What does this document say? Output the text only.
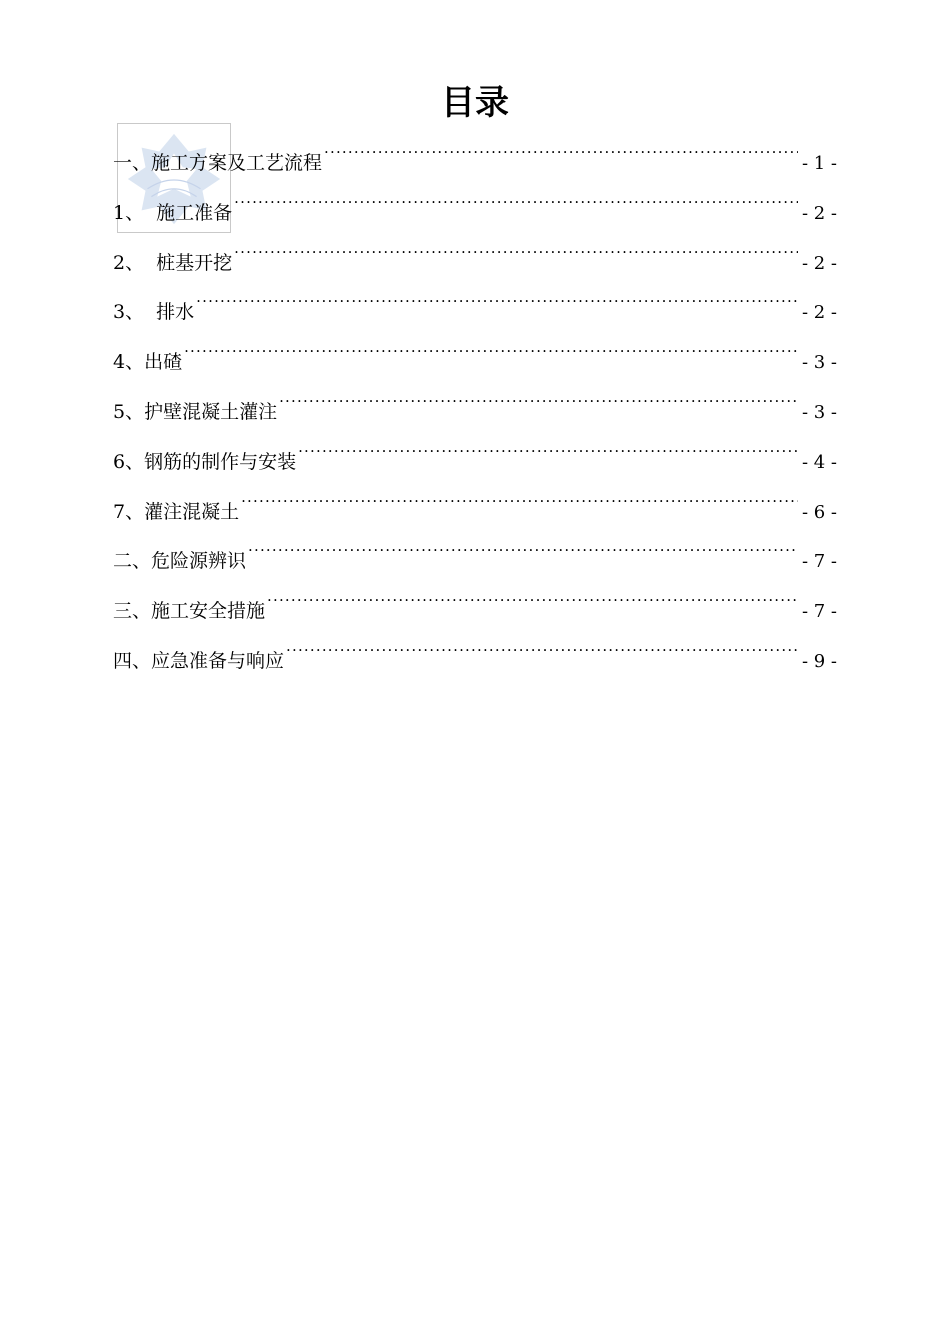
目录
一、施工方案及工艺流程 .....	- 1 -
1、  施工准备 .....	- 2 -
2、  桩基开挖 .....	- 2 -
3、  排水 .....	- 2 -
4、出碴 .....	- 3 -
5、护壁混凝土灌注 .....	- 3 -
6、钢筋的制作与安装 .....	- 4 -
7、灌注混凝土 .....	- 6 -
二、危险源辨识 .....	- 7 -
三、施工安全措施 .....	- 7 -
四、应急准备与响应 .....	- 9 -
